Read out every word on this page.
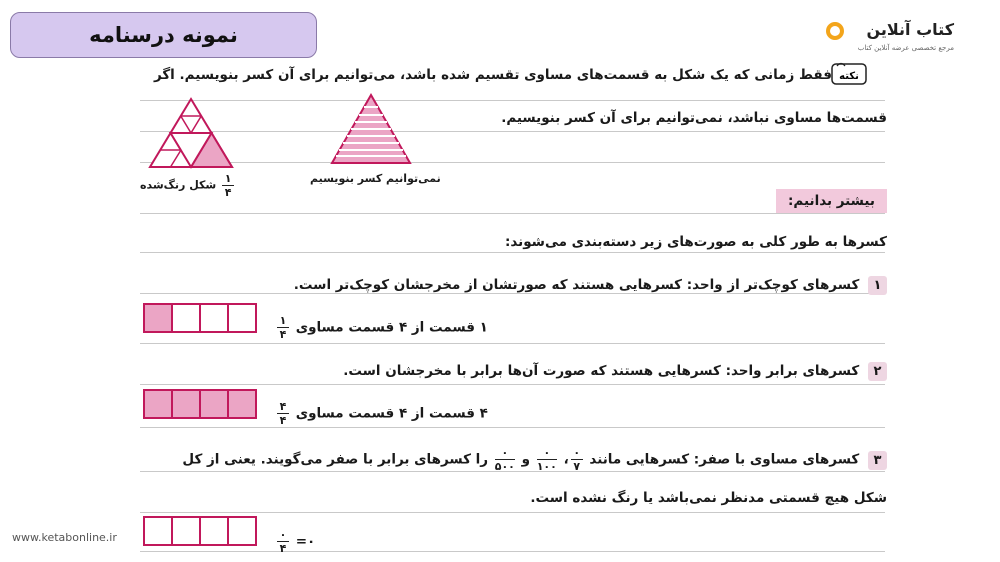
نمونه درسنامه	کتاب آنلاین
مرجع تخصصی عرضه آنلاین کتاب
نکته
فقط زمانی که یک شکل به قسمت‌های مساوی تقسیم شده باشد، می‌توانیم برای آن کسر بنویسیم. اگر
قسمت‌ها مساوی نباشد، نمی‌توانیم برای آن کسر بنویسیم.
$\frac{۱}{۴}$
شکل رنگ‌شده	نمی‌توانیم کسر بنویسیم
بیشتر بدانیم:
کسرها به طور کلی به صورت‌های زیر دسته‌بندی می‌شوند:
۱ کسرهای کوچک‌تر از واحد: کسرهایی هستند که صورتشان از مخرجشان کوچک‌تر است.
۱ قسمت از ۴ قسمت مساوی
$\frac{۱}{۴}$
۲ کسرهای برابر واحد: کسرهایی هستند که صورت آن‌ها برابر با مخرجشان است.
۴ قسمت از ۴ قسمت مساوی
$\frac{۴}{۴}$
۳ کسرهای مساوی با صفر: کسرهایی مانند
$\frac{۰}{۷}$
،
$\frac{۰}{۱۰۰}$
و
$\frac{۰}{۵۰۰}$
را کسرهای برابر با صفر می‌گویند. یعنی از کل
شکل هیچ قسمتی مدنظر نمی‌باشد یا رنگ نشده است.
$\frac{۰}{۴}$ =۰
www.ketabonline.ir
